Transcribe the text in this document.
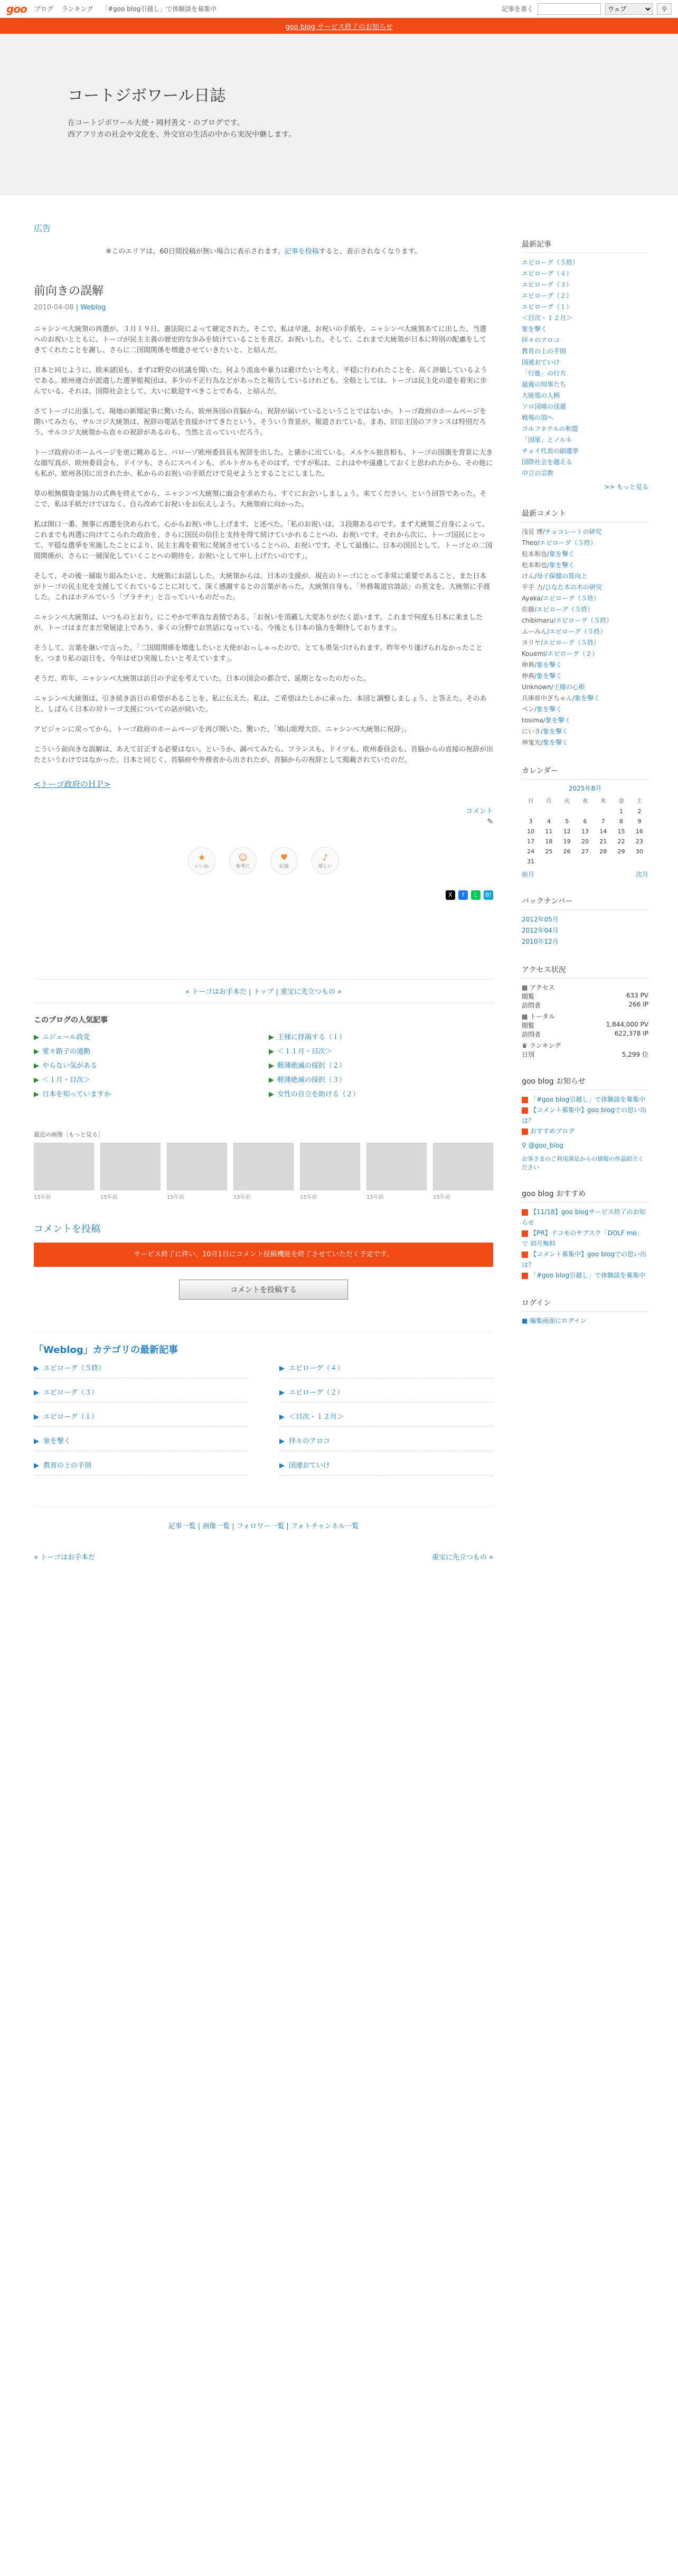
goo ブログ ランキング 「#goo blog引越し」で体験談を募集中	記事を書く
ウェブ	⚲
goo blog サービス終了のお知らせ
コートジボワール日誌

在コートジボワール大使・岡村善文・のブログです。

西アフリカの社会や文化を、外交官の生活の中から実況中継します。

広告
※このエリアは、60日間投稿が無い場合に表示されます。記事を投稿すると、表示されなくなります。
前向きの誤解
2010-04-08 | Weblog

ニャシンベ大統領の再選が、３月１９日、憲法院によって確定された。そこで、私は早速、お祝いの手紙を、ニャシンベ大統領あてに出した。当選へのお祝いとともに、トーゴが民主主義の歴史的な歩みを続けていることを喜び、お祝いした。そして、これまで大統領が日本に特別の配慮をしてきてくれたことを謝し、さらに二国間関係を増進させていきたいと、と結んだ。

日本と同じように、欧米諸国も、まずは野党の抗議を聞いた。何より流血や暴力は避けたいと考え、平穏に行われたことを、高く評価しているようである。欧州連合が派遣した選挙監視団は、多少の不正行為などがあったと報告しているけれども、全般としては、トーゴは民主化の道を着実に歩んでいる、それは、国際社会として、大いに歓迎すべきことである、と結んだ。

さてトーゴに出張して、現地の新聞記事に驚いたら、欧州各国の首脳から、祝辞が届いているということではないか。トーゴ政府のホームページを開いてみたら、サルコジ大統領は、祝辞の電話を直接かけてきたという。そういう背景が、報道されている。まあ、旧宗主国のフランスは特別だろう。サルコジ大統領から直々の祝辞があるのも、当然と言っていいだろう。

トーゴ政府のホームページを更に眺めると、パローゾ欧州委員長も祝辞を出した。と確かに出ている。メルケル独首相も、トーゴの国旗を背景に大きな顔写真が、欧州委員会も、ドイツも、さらにスペインも、ポルトガルもそのはず。ですが私は、これはやや遠慮しておくと思われたから、その他にも私が、欧州各国に出されたか、私からのお祝いの手紙だけで見せようとすることにしました。

草の根無償資金協力の式典を終えてから、ニャシンベ大統領に面会を求めたら、すぐにお会いしましょう。来てください、という回答であった。そこで、私は手紙だけではなく、自ら改めてお祝いをお伝えしよう。大統領府に向かった。

私は開口一番、無事に再選を決められて、心からお祝い申し上げます、と述べた。「私のお祝いは、３段階あるのです。まず大統領ご自身によって、これまでも再選に向けてこられた政治を、さらに国民の信任と支持を得て続けていかれることへの、お祝いです。それから次に、トーゴ国民にとって、平穏な選挙を実施したことにより、民主主義を着実に発展させていることへの、お祝いです。そして最後に、日本の国民として、トーゴとの二国間関係が、さらに一層深化していくことへの期待を、お祝いとして申し上げたいのです」。

そして、その後一層取り組みたいと、大統領にお話しした。大統領からは、日本の支援が、現在のトーゴにとって非常に重要であること、また日本がトーゴの民主化を支援してくれていることに対して、深く感謝するとの言葉があった。大統領自身も、「外務報道官談話」の英文を、大統領に手渡した。これはホテルでいう「プラチナ」と言っていいものだった。

ニャシンベ大統領は、いつものとおり、にこやかで率直な表情である。「お祝いを頂戴し大変ありがたく思います。これまで何度も日本に来ましたが、トーゴはまだまだ発展途上であり、多くの分野でお世話になっている。今後とも日本の協力を期待しております」。

そうして、言葉を継いで言った。「二国間関係を増進したいと大使がおっしゃったので、とても勇気づけられます。昨年やり遂げられなかったことを、つまり私の訪日を、今年はぜひ実現したいと考えています」。

そうだ、昨年、ニャシンベ大統領は訪日の予定を考えていた。日本の国会の都合で、延期となったのだった。

ニャシンベ大統領は、引き続き訪日の希望があることを、私に伝えた。私は、ご希望はたしかに承った、本国と調整しましょう、と答えた。そのあと、しばらく日本の対トーゴ支援についての話が続いた。

アビジャンに戻ってから、トーゴ政府のホームページを再び開いた。驚いた。「鳩山総理大臣、ニャシンベ大統領に祝辞」。

こういう前向きな誤解は、あえて訂正する必要はない。というか、調べてみたら、フランスも、ドイツも、欧州委員会も、首脳からの直接の祝辞が出たというわけではなかった。日本と同じく、首脳府や外務省から出されたが、首脳からの祝辞として掲載されていたのだ。

<トーゴ政府のＨＰ>
コメント
✎
★
いいね
☺
参考に
♥
応援
♪
楽しい
X	f	L	B!
« トーゴはお手本だ | トップ | 重宝に先立つもの »
このブログの人気記事
▶ ニジェール政変	▶ 王様に拝謁する（１）
▶ 愛々路子の通勤	▶ ＜１１月・目次＞
▶ やらない気がある	▶ 軽薄絶滅の採択（２）
▶ ＜１月・目次＞	▶ 軽薄絶滅の採択（３）
▶ 日本を知っていますか	▶ 女性の自立を助ける（２）
最近の画像［もっと見る］
15年前	15年前	15年前	15年前	15年前	15年前	15年前
コメントを投稿
サービス終了に伴い、10月1日にコメント投稿機能を終了させていただく予定です。
コメントを投稿する
「Weblog」カテゴリの最新記事
▶ エピローグ（５終）	▶ エピローグ（４）
▶ エピローグ（３）	▶ エピローグ（２）
▶ エピローグ（１）	▶ ＜目次・１２月＞
▶ 象を撃く	▶ 拝々のアロコ
▶ 教育の上の手則	▶ 国連おていけ
記事一覧 | 画像一覧 | フォロワー一覧 | フォトチャンネル一覧
« トーゴはお手本だ	重宝に先立つもの »
最新記事
エピローグ（５終）
エピローグ（４）
エピローグ（３）
エピローグ（２）
エピローグ（１）
＜目次・１２月＞
象を撃く
拝々のアロコ
教育の上の手則
国連おていけ
「行進」の行方
最後の知事たち
大統領の人柄
ソロ国境の送還
戦場の頂へ
ゴルフネテルの和盟
「国軍」とノルネ
チョイ代表の副選挙
国際社会を越える
中立の宗教
>> もっと見る
最新コメント
浅見 博/チョコレートの研究
Theo/エピローグ（５終）
松本和也/象を撃く
松本和也/象を撃く
けん/母子保健の質向上
平手 力/ひなた木の木の研究
Ayaka/エピローグ（５終）
佐藤/エピローグ（５終）
chibimaru/エピローグ（５終）
ふーみん/エピローグ（５終）
ヨリヤ/エピローグ（５終）
Kouemi/エピローグ（２）
伸典/象を撃く
伸典/象を撃く
Unknown/王様の心根
兵庫県中ぎちゃん/象を撃く
ペン/象を撃く
tosima/象を撃く
にいさ/象を撃く
神鬼光/象を撃く
カレンダー
2025年8月
日	月	火	水	木	金	土
					1	2
3	4	5	6	7	8	9
10	11	12	13	14	15	16
17	18	19	20	21	22	23
24	25	26	27	28	29	30
31						
前月	次月
バックナンバー
2012年05月
2012年04月
2010年12月
アクセス状況
▩ アクセス
閲覧	633 PV
訪問者	266 IP
▩ トータル
閲覧	1,844,000 PV
訪問者	622,378 IP
♛ ランキング
日別	5,299 位
goo blog お知らせ
「#goo blog引越し」で体験談を募集中
【コメント募集中】goo blogでの思い出は？
おすすめブログ
⚲ @goo_blog
お客さまのご利用満足からの情報の作品紹介ください
goo blog おすすめ
【11/18】goo blogサービス終了のお知らせ
【PR】ドコモのサブスク「DOLF mo」で 初月無料
【コメント募集中】goo blogでの思い出は？
「#goo blog引越し」で体験談を募集中
ログイン
■ 編集画面にログイン
